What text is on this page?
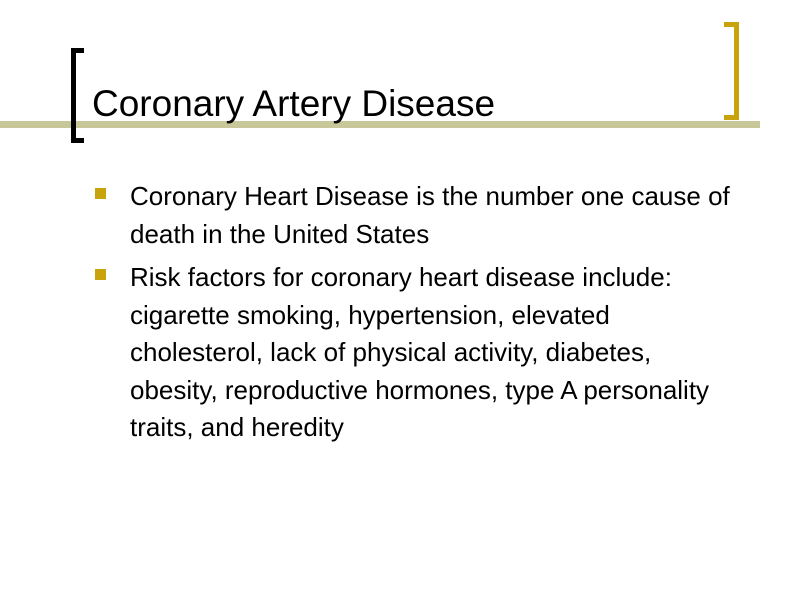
Coronary Artery Disease
Coronary Heart Disease is the number one cause of death in the United States
Risk factors for coronary heart disease include: cigarette smoking, hypertension, elevated cholesterol, lack of physical activity, diabetes, obesity, reproductive hormones, type A personality traits, and heredity
